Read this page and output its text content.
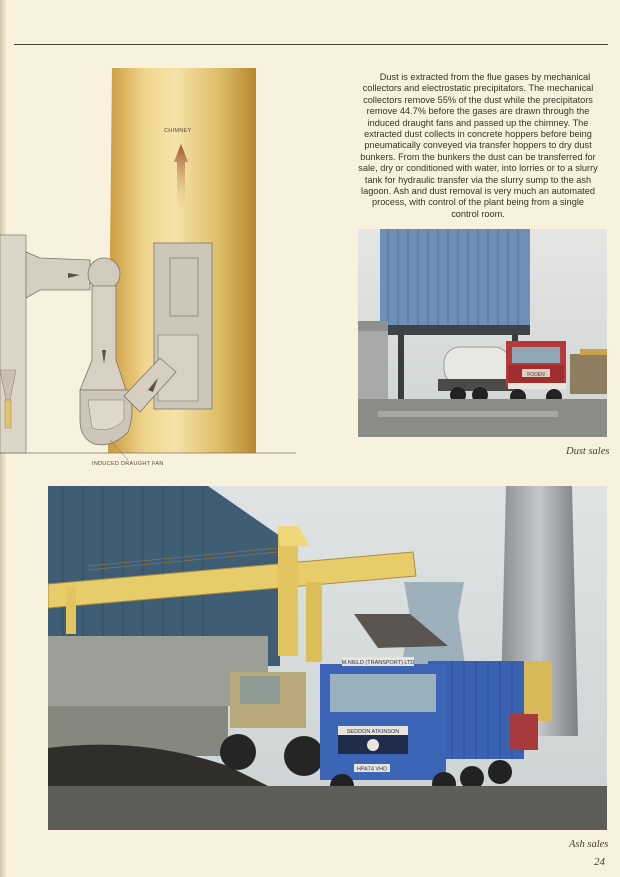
CHIMNEY
INDUCED DRAUGHT FAN

Dust is extracted from the flue gases by mechanical collectors and electrostatic precipitators. The mechanical collectors remove 55% of the dust while the precipitators remove 44.7% before the gases are drawn through the induced draught fans and passed up the chimney. The extracted dust collects in concrete hoppers before being pneumatically conveyed via transfer hoppers to dry dust bunkers. From the bunkers the dust can be transferred for sale, dry or conditioned with water, into lorries or to a slurry tank for hydraulic transfer via the slurry sump to the ash lagoon. Ash and dust removal is very much an automated process, with control of the plant being from a single control room.

FODEN
Dust sales
SEDDON ATKINSON
M.NIELD (TRANSPORT) LTD
HPA74 VHD
Ash sales
24
